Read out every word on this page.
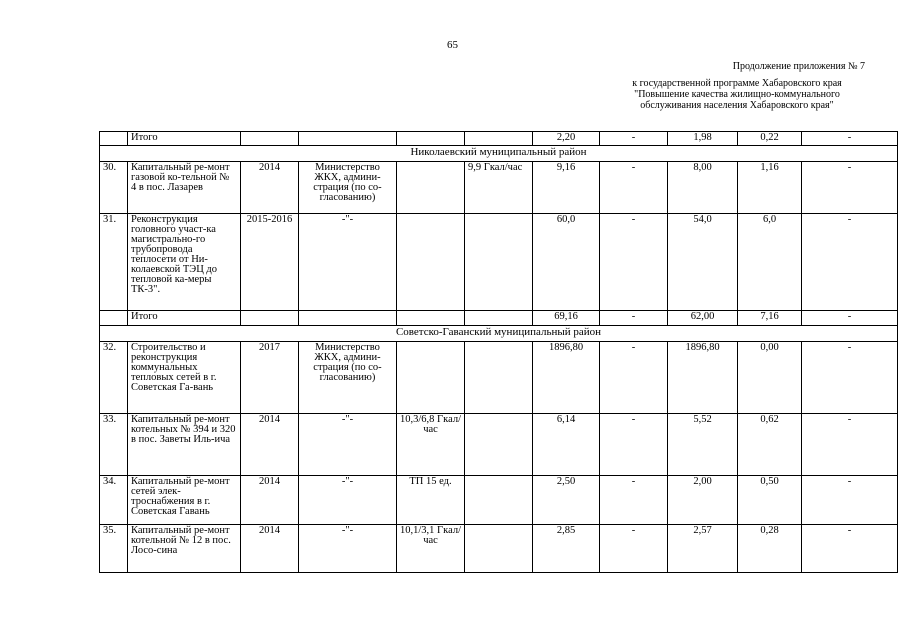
65
Продолжение приложения № 7
к государственной программе Хабаровского края
"Повышение качества жилищно-коммунального
обслуживания населения Хабаровского края"
	Итого					2,20	-	1,98	0,22	-
Николаевский муниципальный район										
30.	Капитальный ре-монт газовой ко-тельной № 4 в пос. Лазарев	2014	Министерство ЖКХ, админи-страция (по со-гласованию)		9,9 Гкал/час	9,16	-	8,00	1,16	-
31.	Реконструкция головного участ-ка магистрально-го трубопровода теплосети от Ни-колаевской ТЭЦ до тепловой ка-меры ТК-3".	2015-2016	-"-			60,0	-	54,0	6,0	-
	Итого					69,16	-	62,00	7,16	-
Советско-Гаванский муниципальный район										
32.	Строительство и реконструкция коммунальных тепловых сетей в г. Советская Га-вань	2017	Министерство ЖКХ, админи-страция (по со-гласованию)			1896,80	-	1896,80	0,00	-
33.	Капитальный ре-монт котельных № 394 и 320 в пос. Заветы Иль-ича	2014	-"-	10,3/6,8 Гкал/час		6,14	-	5,52	0,62	-
34.	Капитальный ре-монт сетей элек-троснабжения в г. Советская Гавань	2014	-"-	ТП 15 ед.		2,50	-	2,00	0,50	-
35.	Капитальный ре-монт котельной № 12 в пос. Лосо-сина	2014	-"-	10,1/3,1 Гкал/час		2,85	-	2,57	0,28	-
